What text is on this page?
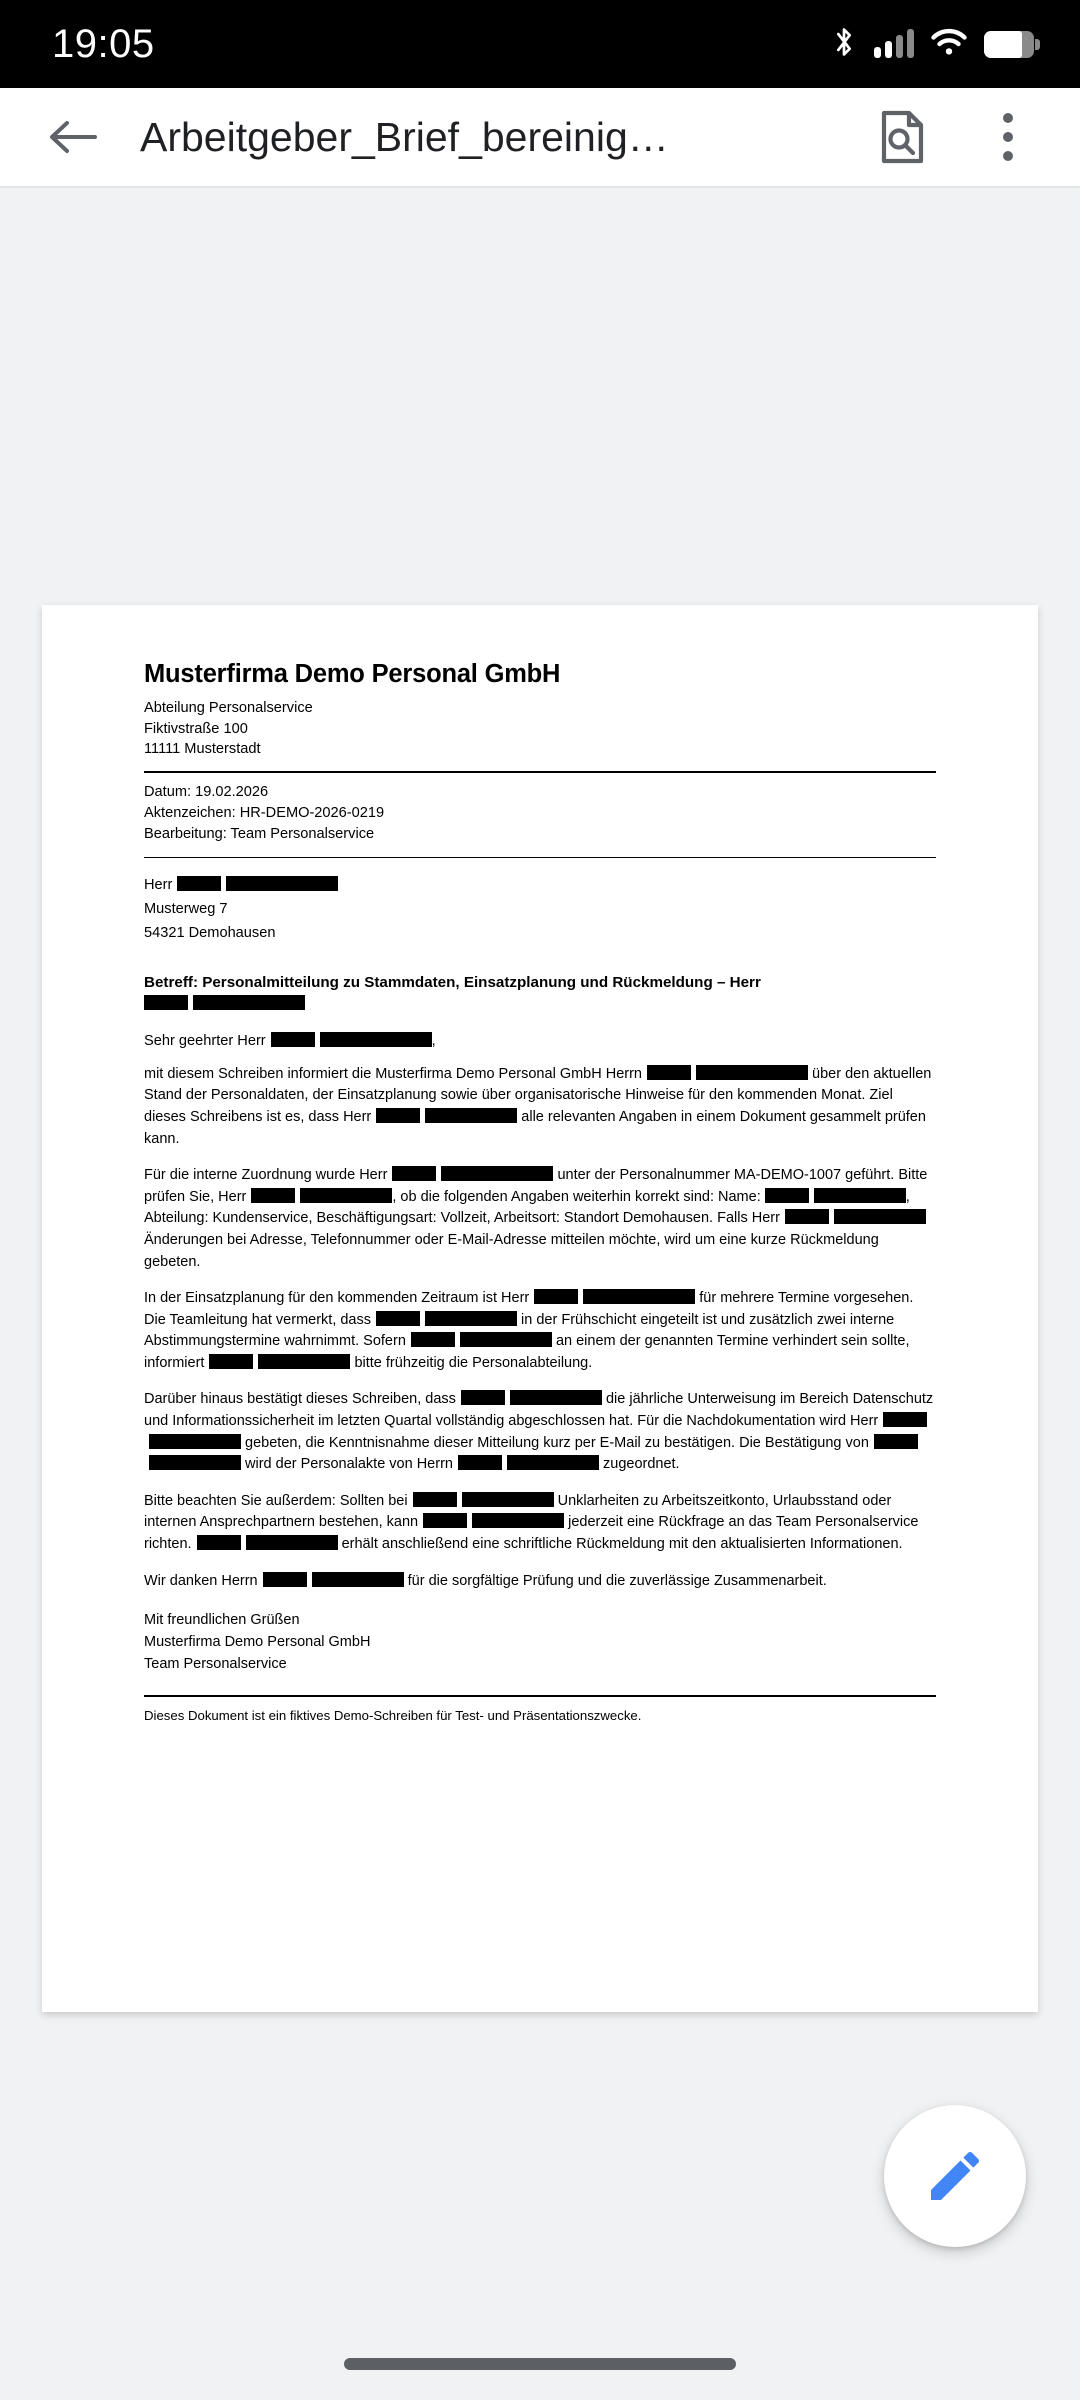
19:05
Arbeitgeber_Brief_bereinig…
Musterfirma Demo Personal GmbH
Abteilung Personalservice
Fiktivstraße 100
11111 Musterstadt
Datum: 19.02.2026
Aktenzeichen: HR-DEMO-2026-0219
Bearbeitung: Team Personalservice
Herr
Musterweg 7
54321 Demohausen
Betreff: Personalmitteilung zu Stammdaten, Einsatzplanung und Rückmeldung – Herr

Sehr geehrter Herr	,

mit diesem Schreiben informiert die Musterfirma Demo Personal GmbH Herrn	über den aktuellen Stand der Personaldaten, der Einsatzplanung sowie über organisatorische Hinweise für den kommenden Monat. Ziel dieses Schreibens ist es, dass Herr	alle relevanten Angaben in einem Dokument gesammelt prüfen kann.

Für die interne Zuordnung wurde Herr	unter der Personalnummer MA-DEMO-1007 geführt. Bitte prüfen Sie, Herr	, ob die folgenden Angaben weiterhin korrekt sind: Name:	, Abteilung: Kundenservice, Beschäftigungsart: Vollzeit, Arbeitsort: Standort Demohausen. Falls Herr Änderungen bei Adresse, Telefonnummer oder E-Mail-Adresse mitteilen möchte, wird um eine kurze Rückmeldung gebeten.

In der Einsatzplanung für den kommenden Zeitraum ist Herr	für mehrere Termine vorgesehen. Die Teamleitung hat vermerkt, dass	in der Frühschicht eingeteilt ist und zusätzlich zwei interne Abstimmungstermine wahrnimmt. Sofern	an einem der genannten Termine verhindert sein sollte, informiert	bitte frühzeitig die Personalabteilung.

Darüber hinaus bestätigt dieses Schreiben, dass	die jährliche Unterweisung im Bereich Datenschutz und Informationssicherheit im letzten Quartal vollständig abgeschlossen hat. Für die Nachdokumentation wird Herr gebeten, die Kenntnisnahme dieser Mitteilung kurz per E-Mail zu bestätigen. Die Bestätigung von wird der Personalakte von Herrn	zugeordnet.

Bitte beachten Sie außerdem: Sollten bei	Unklarheiten zu Arbeitszeitkonto, Urlaubsstand oder internen Ansprechpartnern bestehen, kann	jederzeit eine Rückfrage an das Team Personalservice richten.	erhält anschließend eine schriftliche Rückmeldung mit den aktualisierten Informationen.

Wir danken Herrn	für die sorgfältige Prüfung und die zuverlässige Zusammenarbeit.

Mit freundlichen Grüßen
Musterfirma Demo Personal GmbH
Team Personalservice
Dieses Dokument ist ein fiktives Demo-Schreiben für Test- und Präsentationszwecke.
